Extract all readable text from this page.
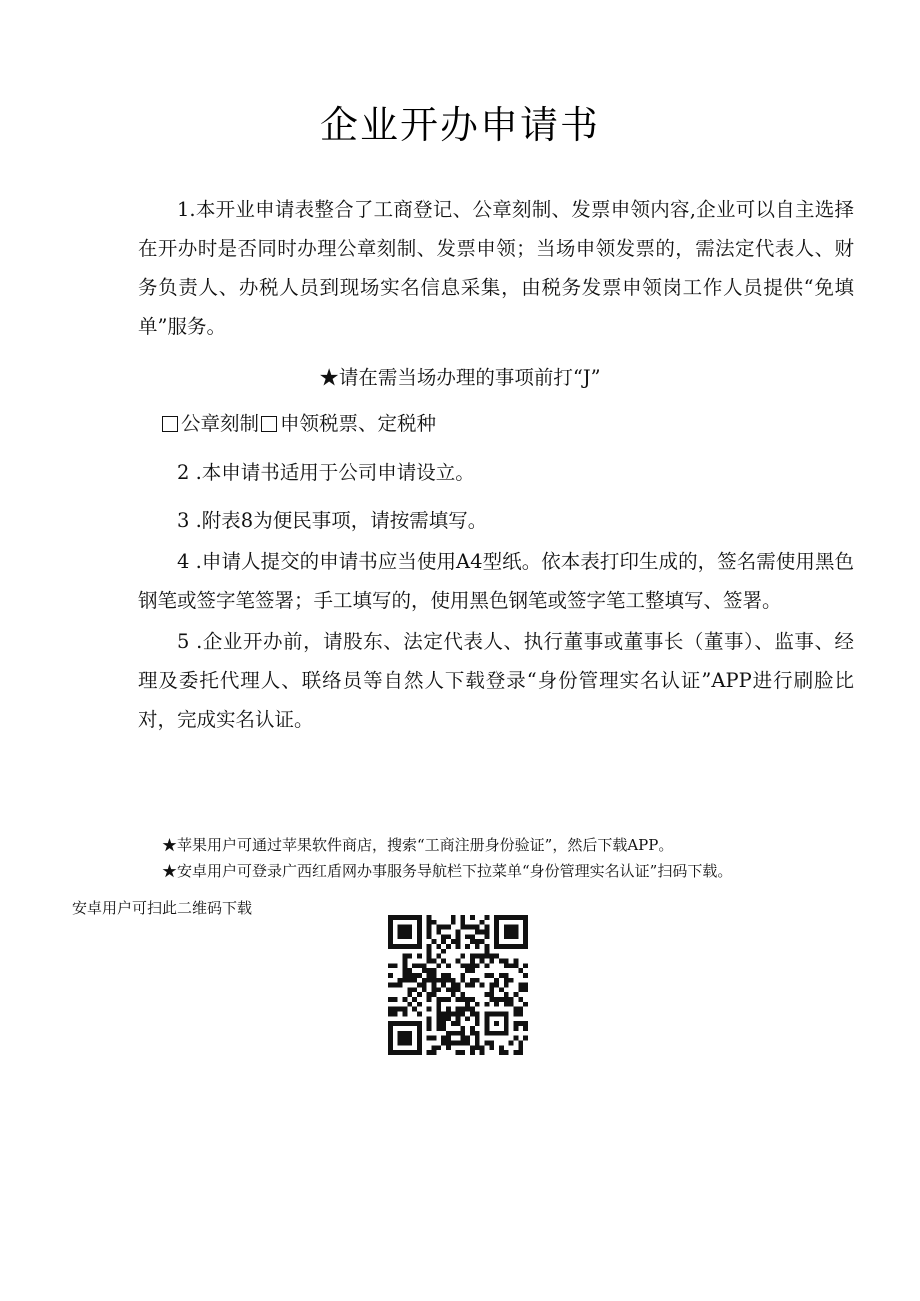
企业开办申请书
1.本开业申请表整合了工商登记、公章刻制、发票申领内容,企业可以自主选择在开办时是否同时办理公章刻制、发票申领；当场申领发票的，需法定代表人、财务负责人、办税人员到现场实名信息采集，由税务发票申领岗工作人员提供“免填单”服务。
★请在需当场办理的事项前打“J”
公章刻制 申领税票、定税种
2 .本申请书适用于公司申请设立。
3 .附表8为便民事项，请按需填写。
4 .申请人提交的申请书应当使用A4型纸。依本表打印生成的，签名需使用黑色钢笔或签字笔签署；手工填写的，使用黑色钢笔或签字笔工整填写、签署。
5 .企业开办前，请股东、法定代表人、执行董事或董事长（董事）、监事、经理及委托代理人、联络员等自然人下载登录“身份管理实名认证”APP进行刷脸比对，完成实名认证。
★苹果用户可通过苹果软件商店，搜索“工商注册身份验证”，然后下载APP。
★安卓用户可登录广西红盾网办事服务导航栏下拉菜单“身份管理实名认证”扫码下载。
安卓用户可扫此二维码下载
